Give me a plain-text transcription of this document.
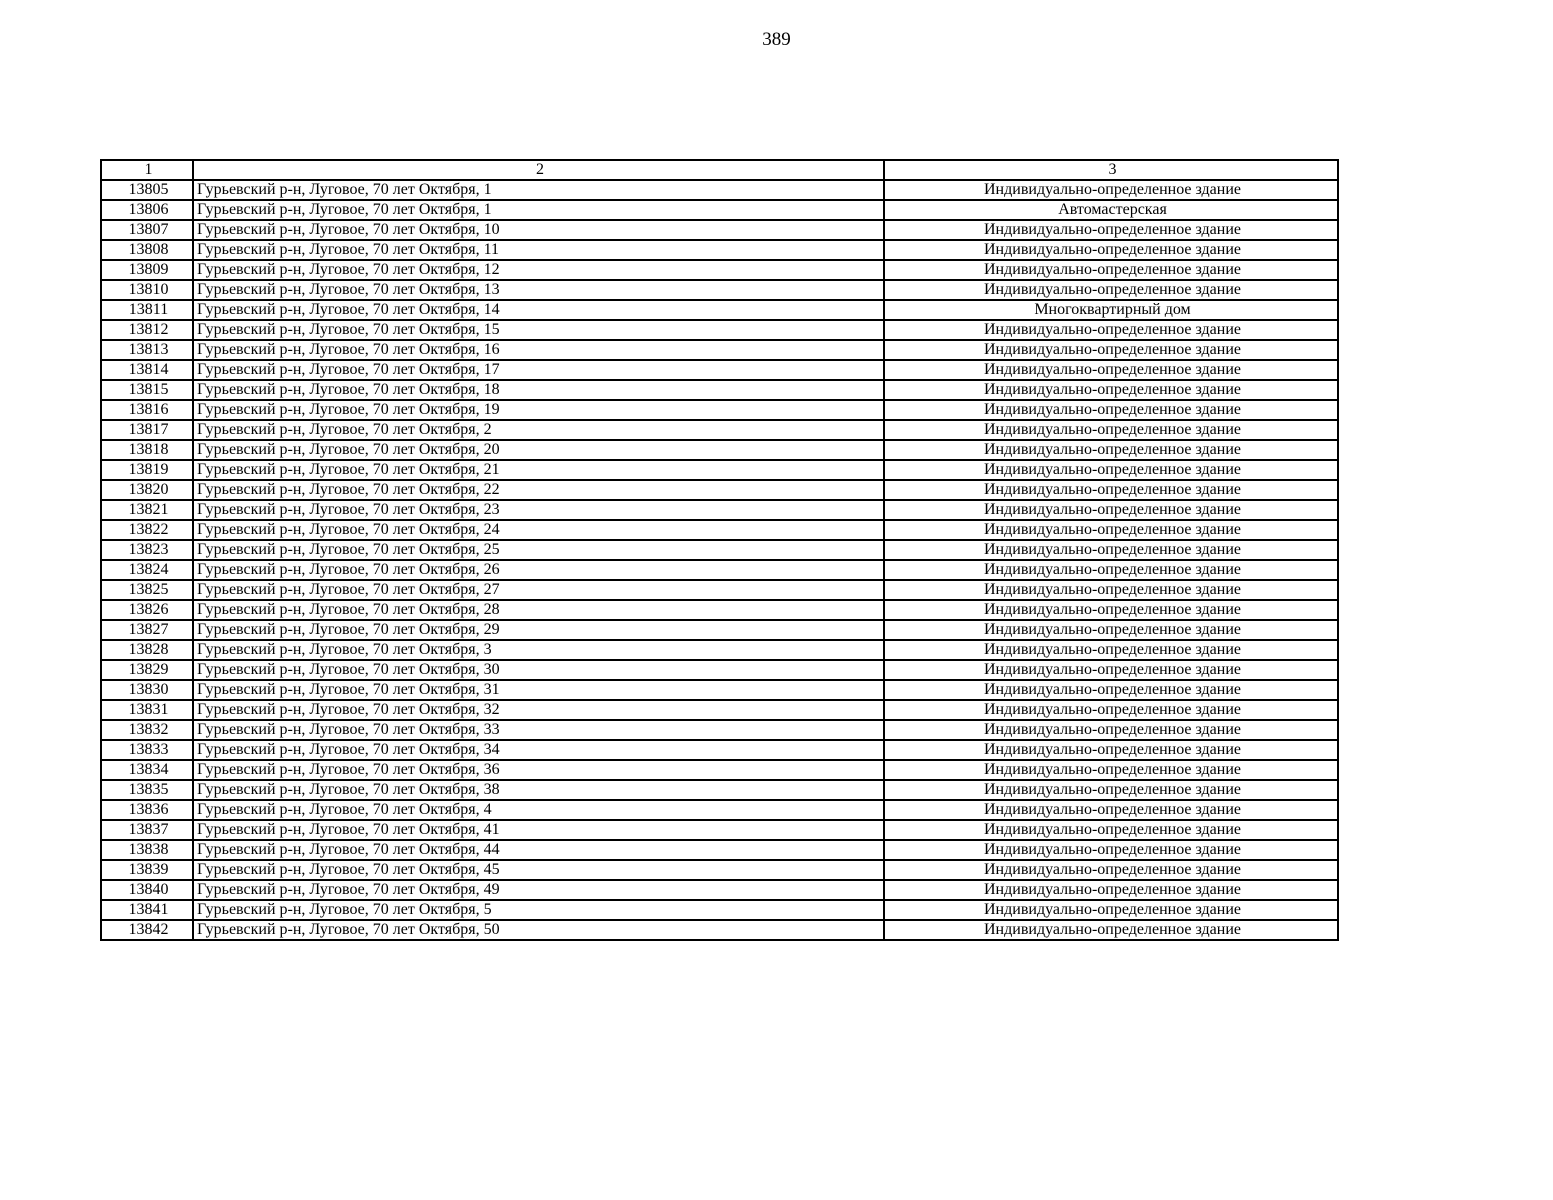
389
1	2	3
13805	Гурьевский р-н, Луговое, 70 лет Октября, 1	Индивидуально-определенное здание
13806	Гурьевский р-н, Луговое, 70 лет Октября, 1	Автомастерская
13807	Гурьевский р-н, Луговое, 70 лет Октября, 10	Индивидуально-определенное здание
13808	Гурьевский р-н, Луговое, 70 лет Октября, 11	Индивидуально-определенное здание
13809	Гурьевский р-н, Луговое, 70 лет Октября, 12	Индивидуально-определенное здание
13810	Гурьевский р-н, Луговое, 70 лет Октября, 13	Индивидуально-определенное здание
13811	Гурьевский р-н, Луговое, 70 лет Октября, 14	Многоквартирный дом
13812	Гурьевский р-н, Луговое, 70 лет Октября, 15	Индивидуально-определенное здание
13813	Гурьевский р-н, Луговое, 70 лет Октября, 16	Индивидуально-определенное здание
13814	Гурьевский р-н, Луговое, 70 лет Октября, 17	Индивидуально-определенное здание
13815	Гурьевский р-н, Луговое, 70 лет Октября, 18	Индивидуально-определенное здание
13816	Гурьевский р-н, Луговое, 70 лет Октября, 19	Индивидуально-определенное здание
13817	Гурьевский р-н, Луговое, 70 лет Октября, 2	Индивидуально-определенное здание
13818	Гурьевский р-н, Луговое, 70 лет Октября, 20	Индивидуально-определенное здание
13819	Гурьевский р-н, Луговое, 70 лет Октября, 21	Индивидуально-определенное здание
13820	Гурьевский р-н, Луговое, 70 лет Октября, 22	Индивидуально-определенное здание
13821	Гурьевский р-н, Луговое, 70 лет Октября, 23	Индивидуально-определенное здание
13822	Гурьевский р-н, Луговое, 70 лет Октября, 24	Индивидуально-определенное здание
13823	Гурьевский р-н, Луговое, 70 лет Октября, 25	Индивидуально-определенное здание
13824	Гурьевский р-н, Луговое, 70 лет Октября, 26	Индивидуально-определенное здание
13825	Гурьевский р-н, Луговое, 70 лет Октября, 27	Индивидуально-определенное здание
13826	Гурьевский р-н, Луговое, 70 лет Октября, 28	Индивидуально-определенное здание
13827	Гурьевский р-н, Луговое, 70 лет Октября, 29	Индивидуально-определенное здание
13828	Гурьевский р-н, Луговое, 70 лет Октября, 3	Индивидуально-определенное здание
13829	Гурьевский р-н, Луговое, 70 лет Октября, 30	Индивидуально-определенное здание
13830	Гурьевский р-н, Луговое, 70 лет Октября, 31	Индивидуально-определенное здание
13831	Гурьевский р-н, Луговое, 70 лет Октября, 32	Индивидуально-определенное здание
13832	Гурьевский р-н, Луговое, 70 лет Октября, 33	Индивидуально-определенное здание
13833	Гурьевский р-н, Луговое, 70 лет Октября, 34	Индивидуально-определенное здание
13834	Гурьевский р-н, Луговое, 70 лет Октября, 36	Индивидуально-определенное здание
13835	Гурьевский р-н, Луговое, 70 лет Октября, 38	Индивидуально-определенное здание
13836	Гурьевский р-н, Луговое, 70 лет Октября, 4	Индивидуально-определенное здание
13837	Гурьевский р-н, Луговое, 70 лет Октября, 41	Индивидуально-определенное здание
13838	Гурьевский р-н, Луговое, 70 лет Октября, 44	Индивидуально-определенное здание
13839	Гурьевский р-н, Луговое, 70 лет Октября, 45	Индивидуально-определенное здание
13840	Гурьевский р-н, Луговое, 70 лет Октября, 49	Индивидуально-определенное здание
13841	Гурьевский р-н, Луговое, 70 лет Октября, 5	Индивидуально-определенное здание
13842	Гурьевский р-н, Луговое, 70 лет Октября, 50	Индивидуально-определенное здание
